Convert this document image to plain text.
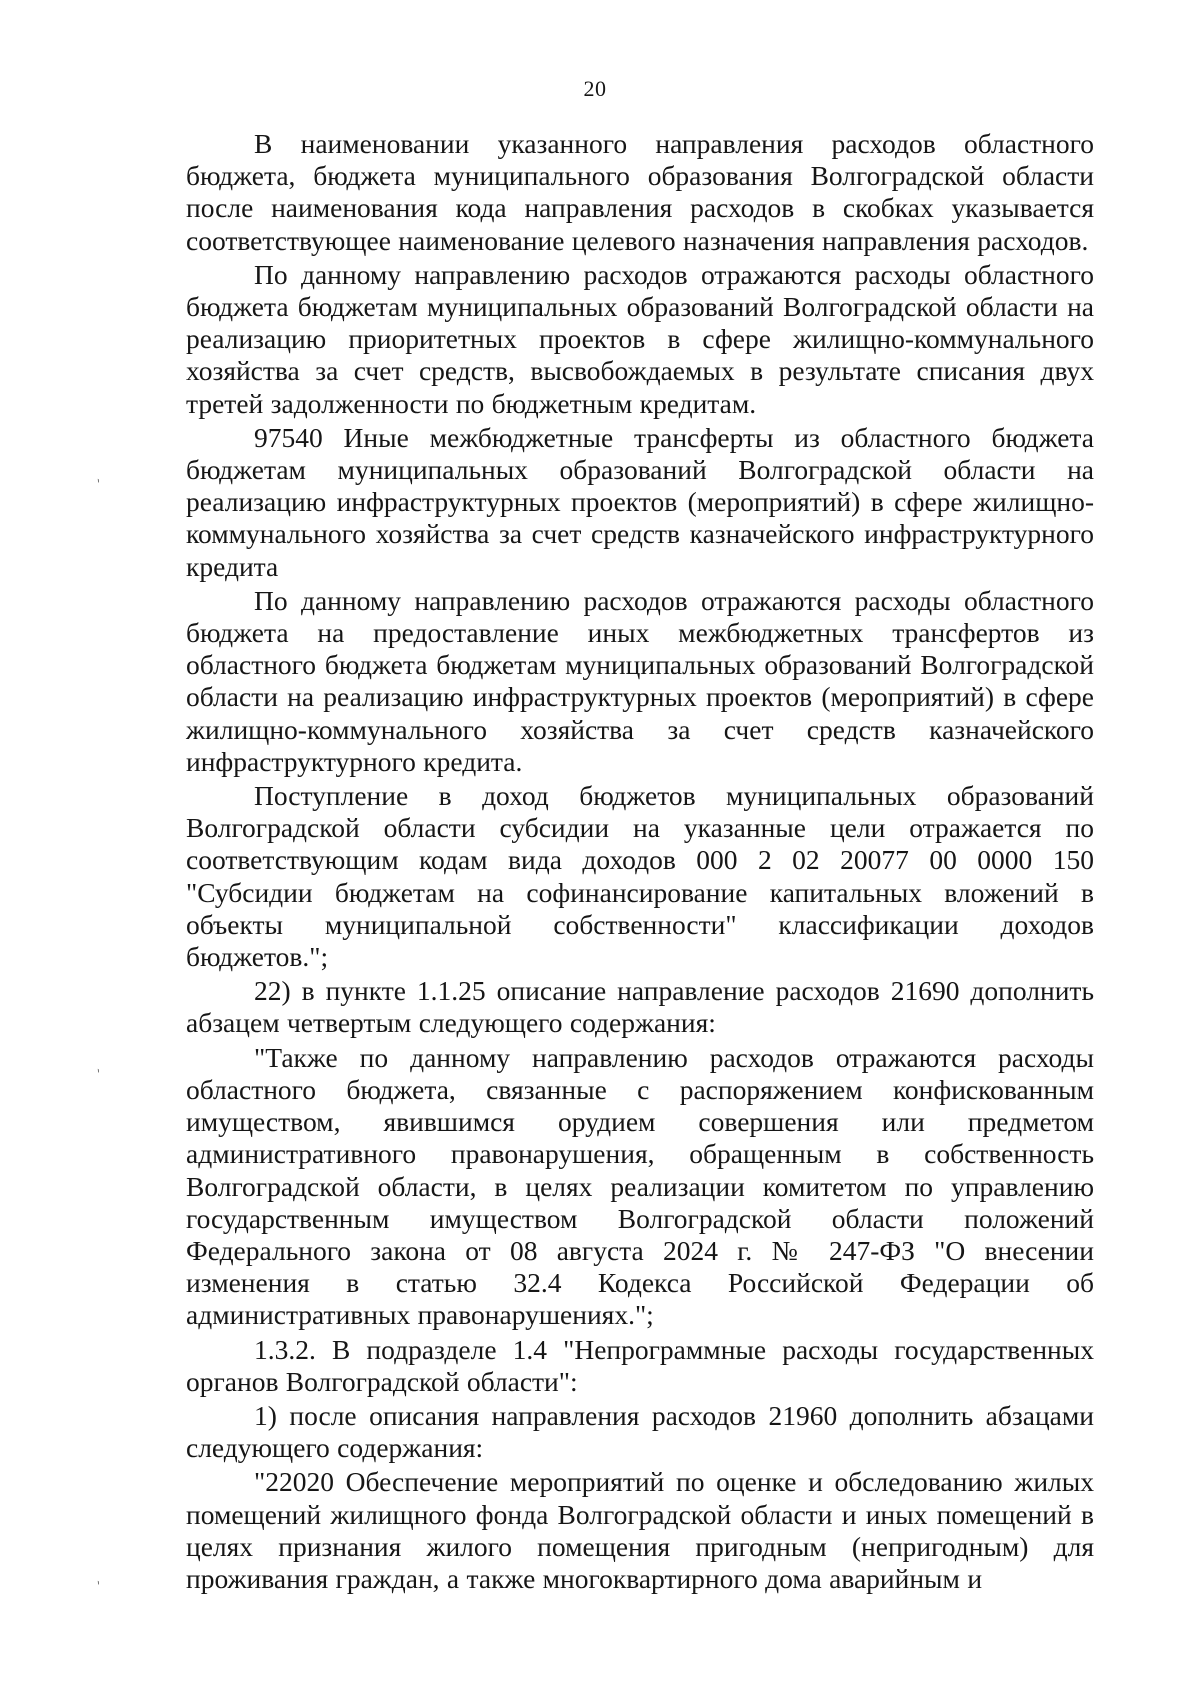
20

В наименовании указанного направления расходов областного бюджета, бюджета муниципального образования Волгоградской области после наименования кода направления расходов в скобках указывается соответствующее наименование целевого назначения направления расходов.

По данному направлению расходов отражаются расходы областного бюджета бюджетам муниципальных образований Волгоградской области на реализацию приоритетных проектов в сфере жилищно-коммунального хозяйства за счет средств, высвобождаемых в результате списания двух третей задолженности по бюджетным кредитам.

97540 Иные межбюджетные трансферты из областного бюджета бюджетам муниципальных образований Волгоградской области на реализацию инфраструктурных проектов (мероприятий) в сфере жилищно-коммунального хозяйства за счет средств казначейского инфраструктурного кредита

По данному направлению расходов отражаются расходы областного бюджета на предоставление иных межбюджетных трансфертов из областного бюджета бюджетам муниципальных образований Волгоградской области на реализацию инфраструктурных проектов (мероприятий) в сфере жилищно-коммунального хозяйства за счет средств казначейского инфраструктурного кредита.

Поступление в доход бюджетов муниципальных образований Волгоградской области субсидии на указанные цели отражается по соответствующим кодам вида доходов 000 2 02 20077 00 0000 150 "Субсидии бюджетам на софинансирование капитальных вложений в объекты муниципальной собственности" классификации доходов бюджетов.";

22) в пункте 1.1.25 описание направление расходов 21690 дополнить абзацем четвертым следующего содержания:

"Также по данному направлению расходов отражаются расходы областного бюджета, связанные с распоряжением конфискованным имуществом, явившимся орудием совершения или предметом административного правонарушения, обращенным в собственность Волгоградской области, в целях реализации комитетом по управлению государственным имуществом Волгоградской области положений Федерального закона от 08 августа 2024 г. № 247-ФЗ "О внесении изменения в статью 32.4 Кодекса Российской Федерации об административных правонарушениях.";

1.3.2. В подразделе 1.4 "Непрограммные расходы государственных органов Волгоградской области":

1) после описания направления расходов 21960 дополнить абзацами следующего содержания:

"22020 Обеспечение мероприятий по оценке и обследованию жилых помещений жилищного фонда Волгоградской области и иных помещений в целях признания жилого помещения пригодным (непригодным) для проживания граждан, а также многоквартирного дома аварийным и

`
`
`
